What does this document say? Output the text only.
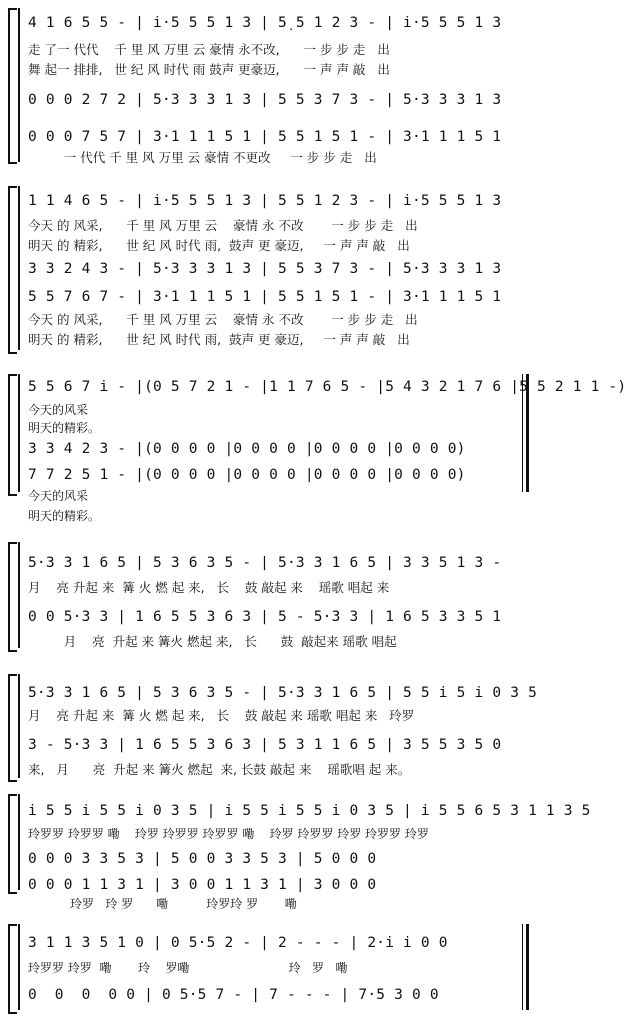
4 1 6 5 5 - | i̇·5 5 5 1 3 | 5̣ 5 1 2 3 - | i̇·5 5 5 1 3
走 了一 代代    千 里 风 万里 云 豪情 永不改,      一 步 步 走   出
舞 起一 排排,   世 纪 风 时代 雨 鼓声 更豪迈,      一 声 声 敲   出
0 0 0 2 7 2 | 5·3 3 3 1 3 | 5 5 3 7 3 - | 5·3 3 3 1 3
0 0 0 7 5 7 | 3·1 1 1 5 1 | 5 5 1 5 1 - | 3·1 1 1 5 1
一 代代 千 里 风 万里 云 豪情 不更改     一 步 步 走   出
1 1 4 6 5 - | i̇·5 5 5 1 3 | 5 5 1 2 3 - | i̇·5 5 5 1 3
今天 的 风采,      千 里 风 万里 云    豪情 永 不改       一 步 步 走   出
明天 的 精彩,      世 纪 风 时代 雨,  鼓声 更 豪迈,     一 声 声 敲   出
3 3 2 4 3 - | 5·3 3 3 1 3 | 5 5 3 7 3 - | 5·3 3 3 1 3
5 5 7 6 7 - | 3·1 1 1 5 1 | 5 5 1 5 1 - | 3·1 1 1 5 1
今天 的 风采,      千 里 风 万里 云    豪情 永 不改       一 步 步 走   出
明天 的 精彩,      世 纪 风 时代 雨,  鼓声 更 豪迈,     一 声 声 敲   出
5 5 6 7 i̇ - |(0 5 7 2 1 - |1 1 7 6 5 - |5 4 3 2 1 7 6 |5 5 2 1 1 -)
今天的风采
明天的精彩。
3 3 4 2 3 - |(0 0 0 0 |0 0 0 0 |0 0 0 0 |0 0 0 0)
7 7 2 5 1 - |(0 0 0 0 |0 0 0 0 |0 0 0 0 |0 0 0 0)
今天的风采
明天的精彩。
5·3 3 1 6 5 | 5 3 6 3 5 - | 5·3 3 1 6 5 | 3 3 5 1 3 -
月    亮 升起 来  篝 火 燃 起 来,   长    鼓 敲起 来    瑶歌 唱起 来
0 0 5·3 3 | 1 6 5 5 3 6 3 | 5 - 5·3 3 | 1 6 5 3 3 5 1
月    亮  升起 来 篝火 燃起 来,   长      鼓  敲起来 瑶歌 唱起
5·3 3 1 6 5 | 5 3 6 3 5 - | 5·3 3 1 6 5 | 5 5 i 5 i 0 3 5
月    亮 升起 来  篝 火 燃 起 来,   长    鼓 敲起 来 瑶歌 唱起 来   玲罗
3 - 5·3 3 | 1 6 5 5 3 6 3 | 5 3 1 1 6 5 | 3 5 5 3 5 0
来,   月      亮  升起 来 篝火 燃起  来, 长鼓 敲起 来    瑶歌唱 起 来。
i 5 5 i 5 5 i 0 3 5 | i 5 5 i 5 5 i 0 3 5 | i 5 5 6 5 3 1 1 3 5
玲罗罗 玲罗罗 嘞    玲罗 玲罗罗 玲罗罗 嘞    玲罗 玲罗罗 玲罗 玲罗罗 玲罗
0 0 0 3 3 5 3 | 5 0 0 3 3 5 3 | 5 0 0 0
0 0 0 1 1 3 1 | 3 0 0 1 1 3 1 | 3 0 0 0
玲罗   玲 罗      嘞          玲罗玲 罗       嘞
3 1 1 3 5 1 0 | 0 5·5 2 - | 2 - - - | 2·i i 0 0
玲罗罗 玲罗  嘞       玲    罗嘞                          玲   罗   嘞
0  0  0  0 0 | 0 5·5 7 - | 7 - - - | 7·5 3 0 0
